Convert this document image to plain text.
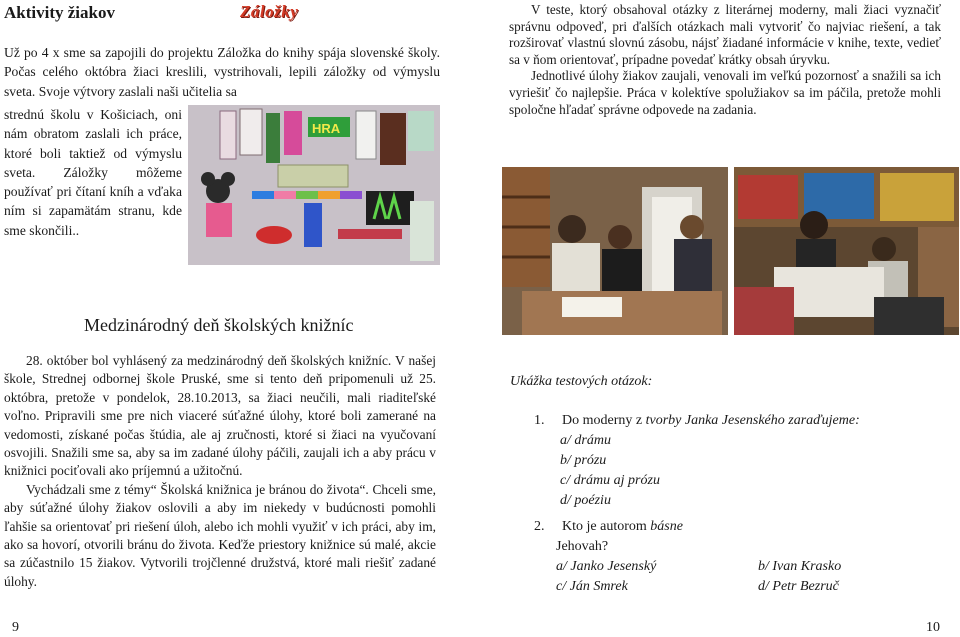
Aktivity žiakov	Záložky
Už po 4 x sme sa zapojili do projektu Záložka do knihy spája slovenské školy. Počas celého októbra žiaci kreslili, vystrihovali, lepili záložky od výmyslu sveta. Svoje výtvory zaslali naši učitelia sa
strednú školu v Košiciach, oni nám obratom zaslali ich práce, ktoré boli taktiež od výmyslu sveta. Záložky môžeme používať pri čítaní kníh a vďaka ním si zapamätám stranu, kde sme skončili..
HRA
V teste, ktorý obsahoval otázky z literárnej moderny, mali žiaci vyznačiť správnu odpoveď, pri ďalších otázkach mali vytvoriť čo najviac riešení, a tak rozširovať vlastnú slovnú zásobu, nájsť žiadané informácie v knihe, texte, vedieť sa v ňom orientovať, prípadne povedať krátky obsah úryvku.
Jednotlivé úlohy žiakov zaujali, venovali im veľkú pozornosť a snažili sa ich vyriešiť čo najlepšie. Práca v kolektíve spolužiakov sa im páčila, pretože mohli spoločne hľadať správne odpovede na zadania.
Medzinárodný deň školských knižníc
28. október bol vyhlásený za medzinárodný deň školských knižníc. V našej škole, Strednej odbornej škole Pruské, sme si tento deň pripomenuli už 25. októbra, pretože v pondelok, 28.10.2013, sa žiaci neučili, mali riaditeľské voľno. Pripravili sme pre nich viaceré súťažné úlohy, ktoré boli zamerané na vedomosti, získané počas štúdia, ale aj zručnosti, ktoré si žiaci na vyučovaní osvojili. Snažili sme sa, aby sa im zadané úlohy páčili, zaujali ich a aby prácu v knižnici pociťovali ako príjemnú a užitočnú.
Vychádzali sme z témy“ Školská knižnica je bránou do života“. Chceli sme, aby súťažné úlohy žiakov oslovili a aby im niekedy v budúcnosti pomohli ľahšie sa orientovať pri riešení úloh, alebo ich mohli využiť v ich práci, aby im, ako sa hovorí, otvorili bránu do života. Keďže priestory knižnice sú malé, akcie sa zúčastnilo 15 žiakov. Vytvorili trojčlenné družstvá, ktoré mali riešiť zadané úlohy.
Ukážka testových otázok:
1. Do moderny z tvorby Janka Jesenského zaraďujeme:
a/ drámu
b/ prózu
c/ drámu aj prózu
d/ poéziu
2. Kto je autorom básne
Jehovah?
a/ Janko Jesenský	b/ Ivan Krasko
c/ Ján Smrek	d/ Petr Bezruč
9	10
